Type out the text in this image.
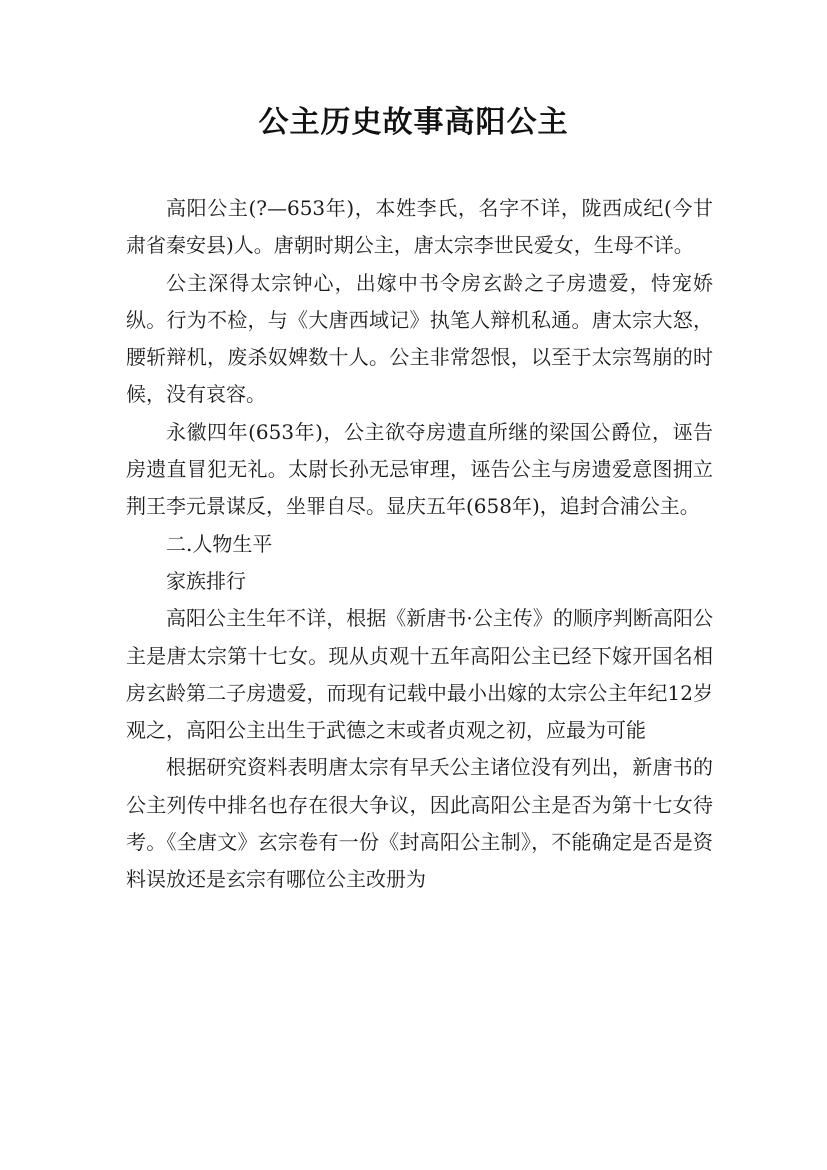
公主历史故事高阳公主

高阳公主(?—653年)，本姓李氏，名字不详，陇西成纪(今甘肃省秦安县)人。唐朝时期公主，唐太宗李世民爱女，生母不详。

公主深得太宗钟心，出嫁中书令房玄龄之子房遗爱，恃宠娇纵。行为不检，与《大唐西域记》执笔人辩机私通。唐太宗大怒，腰斩辩机，废杀奴婢数十人。公主非常怨恨，以至于太宗驾崩的时候，没有哀容。

永徽四年(653年)，公主欲夺房遗直所继的梁国公爵位，诬告房遗直冒犯无礼。太尉长孙无忌审理，诬告公主与房遗爱意图拥立荆王李元景谋反，坐罪自尽。显庆五年(658年)，追封合浦公主。

二.人物生平

家族排行

高阳公主生年不详，根据《新唐书·公主传》的顺序判断高阳公主是唐太宗第十七女。现从贞观十五年高阳公主已经下嫁开国名相房玄龄第二子房遗爱，而现有记载中最小出嫁的太宗公主年纪12岁观之，高阳公主出生于武德之末或者贞观之初，应最为可能

根据研究资料表明唐太宗有早夭公主诸位没有列出，新唐书的公主列传中排名也存在很大争议，因此高阳公主是否为第十七女待考。《全唐文》玄宗卷有一份《封高阳公主制》，不能确定是否是资料误放还是玄宗有哪位公主改册为
